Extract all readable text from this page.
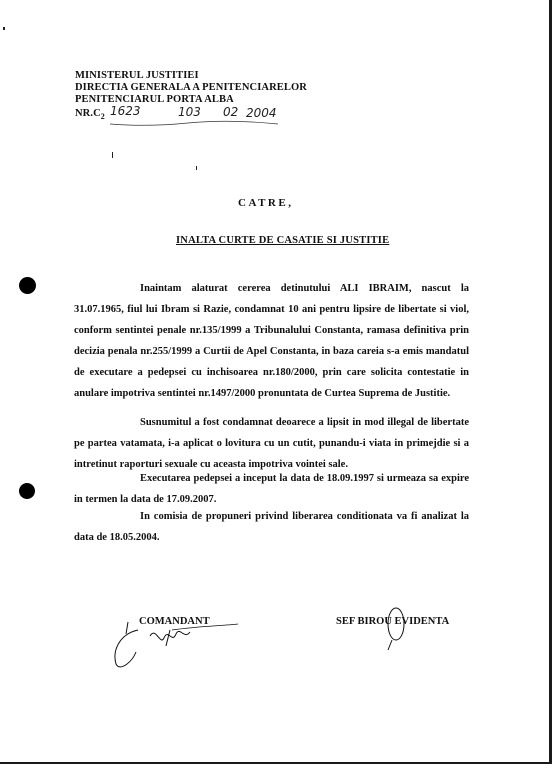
MINISTERUL JUSTITIEI
DIRECTIA GENERALA A PENITENCIARELOR
PENITENCIARUL PORTA ALBA
$NR.C_2$ 1623	103 02 2004
CATRE,
INALTA CURTE DE CASATIE SI JUSTITIE
Inaintam alaturat cererea detinutului ALI IBRAIM, nascut la 31.07.1965, fiul lui Ibram si Razie, condamnat 10 ani pentru lipsire de libertate si viol, conform sentintei penale nr.135/1999 a Tribunalului Constanta, ramasa definitiva prin decizia penala nr.255/1999 a Curtii de Apel Constanta, in baza careia s-a emis mandatul de executare a pedepsei cu inchisoarea nr.180/2000, prin care solicita contestatie in anulare impotriva sentintei nr.1497/2000 pronuntata de Curtea Suprema de Justitie.
Susnumitul a fost condamnat deoarece a lipsit in mod illegal de libertate pe partea vatamata, i-a aplicat o lovitura cu un cutit, punandu-i viata in primejdie si a intretinut raporturi sexuale cu aceasta impotriva vointei sale.
Executarea pedepsei a inceput la data de 18.09.1997 si urmeaza sa expire in termen la data de 17.09.2007.
In comisia de propuneri privind liberarea conditionata va fi analizat la data de 18.05.2004.
COMANDANT	SEF BIROU EVIDENTA
